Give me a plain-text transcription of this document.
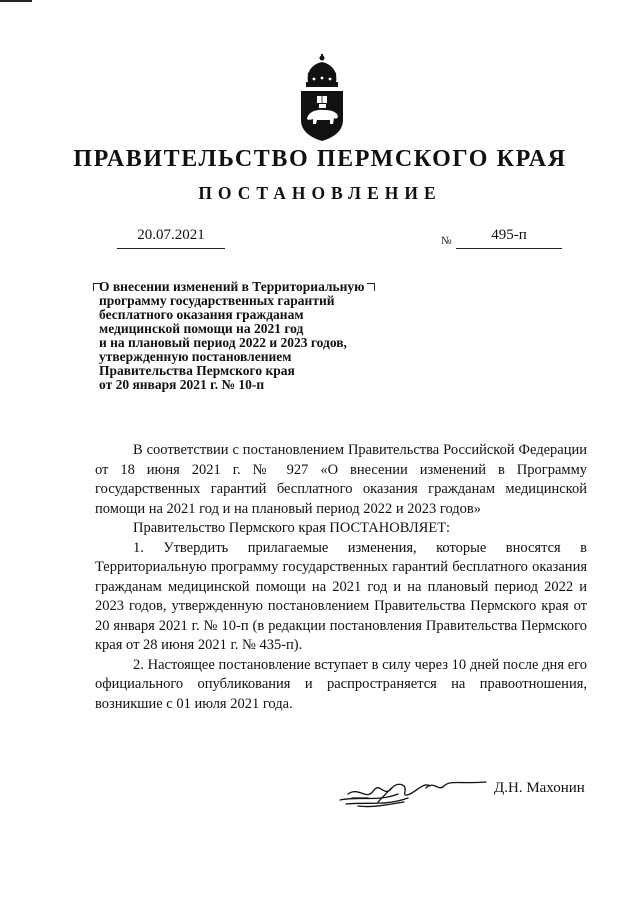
ПРАВИТЕЛЬСТВО ПЕРМСКОГО КРАЯ
ПОСТАНОВЛЕНИЕ
20.07.2021	№	495-п
О внесении изменений в Территориальную
программу государственных гарантий
бесплатного оказания гражданам
медицинской помощи на 2021 год
и на плановый период 2022 и 2023 годов,
утвержденную постановлением
Правительства Пермского края
от 20 января 2021 г. № 10-п

В соответствии с постановлением Правительства Российской Федерации от 18 июня 2021 г. № 927 «О внесении изменений в Программу государственных гарантий бесплатного оказания гражданам медицинской помощи на 2021 год и на плановый период 2022 и 2023 годов»

Правительство Пермского края ПОСТАНОВЛЯЕТ:

1. Утвердить прилагаемые изменения, которые вносятся в Территориальную программу государственных гарантий бесплатного оказания гражданам медицинской помощи на 2021 год и на плановый период 2022 и 2023 годов, утвержденную постановлением Правительства Пермского края от 20 января 2021 г. № 10-п (в редакции постановления Правительства Пермского края от 28 июня 2021 г. № 435-п).

2. Настоящее постановление вступает в силу через 10 дней после дня его официального опубликования и распространяется на правоотношения, возникшие с 01 июля 2021 года.

Д.Н. Махонин
